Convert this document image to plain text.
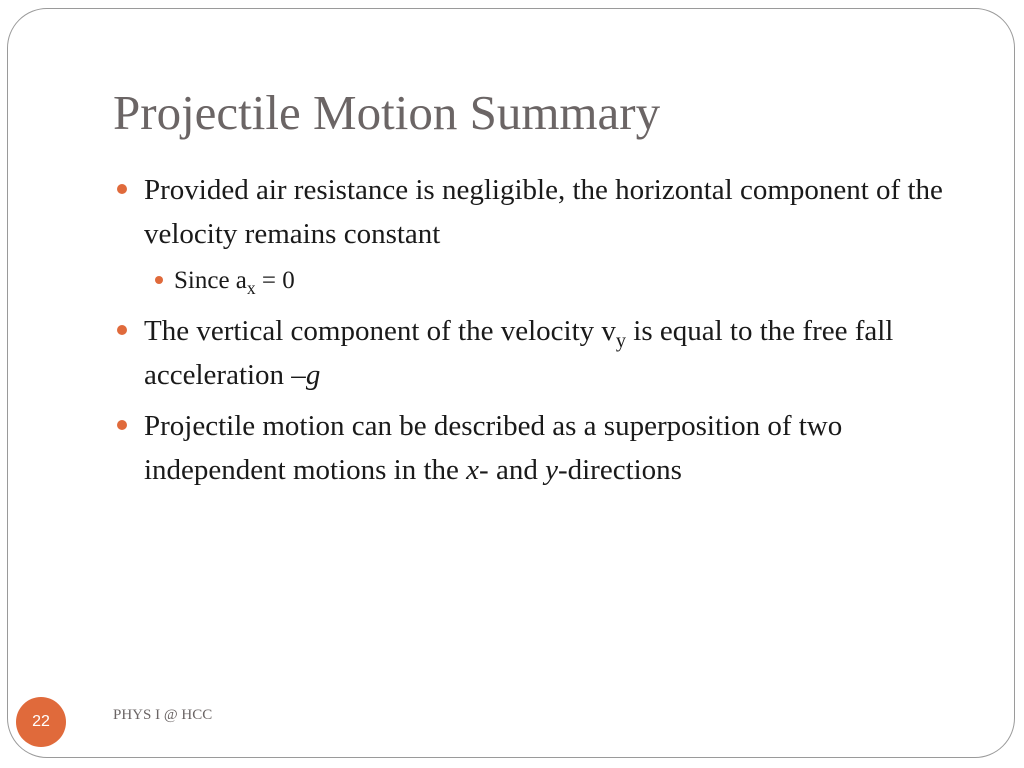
Projectile Motion Summary
Provided air resistance is negligible, the horizontal component of the velocity remains constant
Since $a_x = 0$
The vertical component of the velocity $v_y$ is equal to the free fall acceleration –g
Projectile motion can be described as a superposition of two independent motions in the x- and y-directions
PHYS I @ HCC
22
